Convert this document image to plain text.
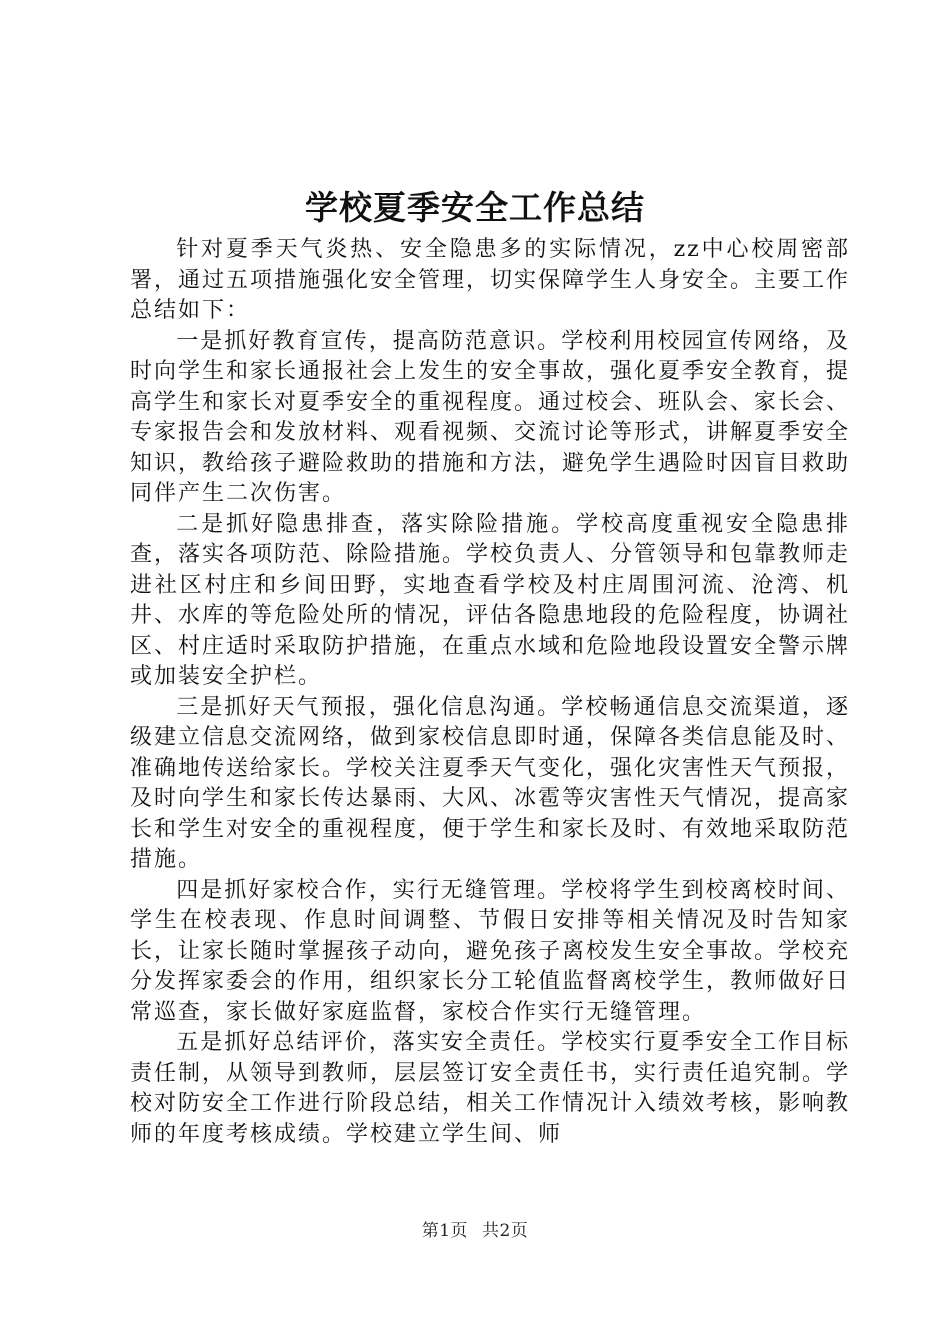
学校夏季安全工作总结

针对夏季天气炎热、安全隐患多的实际情况，zz中心校周密部署，通过五项措施强化安全管理，切实保障学生人身安全。主要工作总结如下：

一是抓好教育宣传，提高防范意识。学校利用校园宣传网络，及时向学生和家长通报社会上发生的安全事故，强化夏季安全教育，提高学生和家长对夏季安全的重视程度。通过校会、班队会、家长会、专家报告会和发放材料、观看视频、交流讨论等形式，讲解夏季安全知识，教给孩子避险救助的措施和方法，避免学生遇险时因盲目救助同伴产生二次伤害。

二是抓好隐患排查，落实除险措施。学校高度重视安全隐患排查，落实各项防范、除险措施。学校负责人、分管领导和包靠教师走进社区村庄和乡间田野，实地查看学校及村庄周围河流、沧湾、机井、水库的等危险处所的情况，评估各隐患地段的危险程度，协调社区、村庄适时采取防护措施，在重点水域和危险地段设置安全警示牌或加装安全护栏。

三是抓好天气预报，强化信息沟通。学校畅通信息交流渠道，逐级建立信息交流网络，做到家校信息即时通，保障各类信息能及时、准确地传送给家长。学校关注夏季天气变化，强化灾害性天气预报，及时向学生和家长传达暴雨、大风、冰雹等灾害性天气情况，提高家长和学生对安全的重视程度，便于学生和家长及时、有效地采取防范措施。

四是抓好家校合作，实行无缝管理。学校将学生到校离校时间、学生在校表现、作息时间调整、节假日安排等相关情况及时告知家长，让家长随时掌握孩子动向，避免孩子离校发生安全事故。学校充分发挥家委会的作用，组织家长分工轮值监督离校学生，教师做好日常巡查，家长做好家庭监督，家校合作实行无缝管理。

五是抓好总结评价，落实安全责任。学校实行夏季安全工作目标责任制，从领导到教师，层层签订安全责任书，实行责任追究制。学校对防安全工作进行阶段总结，相关工作情况计入绩效考核，影响教师的年度考核成绩。学校建立学生间、师

第1页 共2页
